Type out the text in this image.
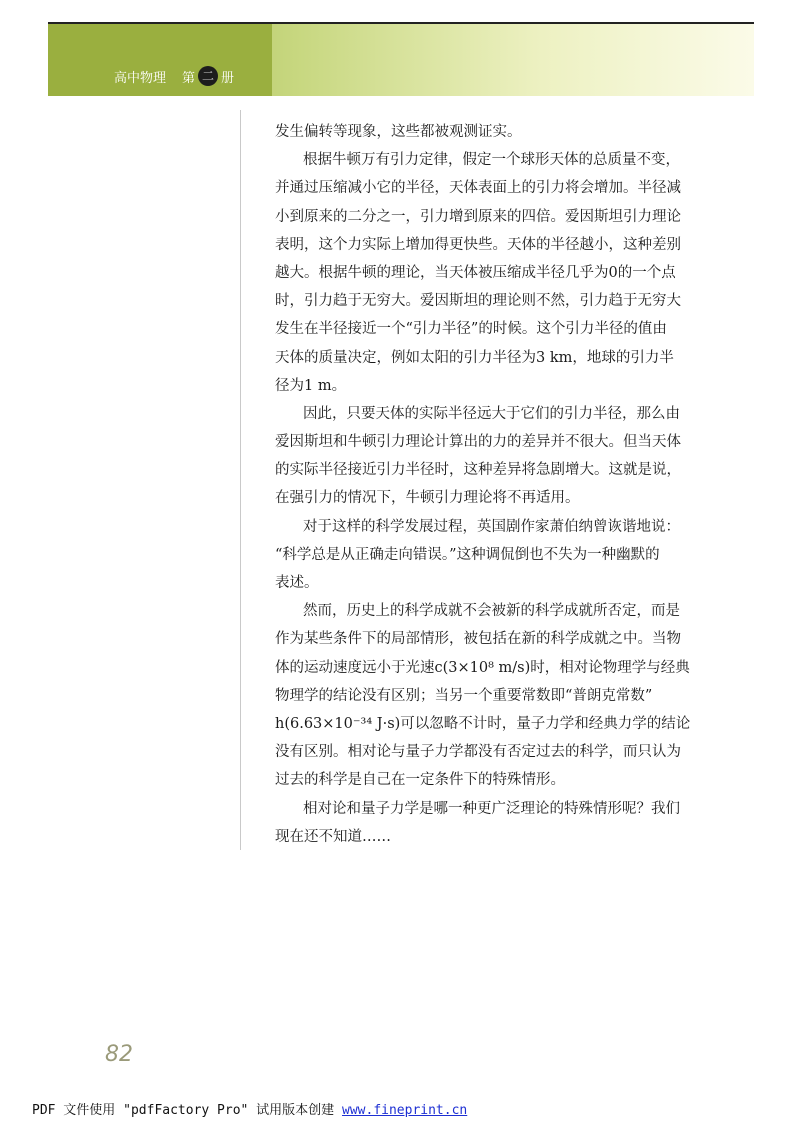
高中物理 第 二 册
发生偏转等现象，这些都被观测证实。
根据牛顿万有引力定律，假定一个球形天体的总质量不变，
并通过压缩减小它的半径，天体表面上的引力将会增加。半径减
小到原来的二分之一，引力增到原来的四倍。爱因斯坦引力理论
表明，这个力实际上增加得更快些。天体的半径越小，这种差别
越大。根据牛顿的理论，当天体被压缩成半径几乎为0的一个点
时，引力趋于无穷大。爱因斯坦的理论则不然，引力趋于无穷大
发生在半径接近一个“引力半径”的时候。这个引力半径的值由
天体的质量决定，例如太阳的引力半径为3 km，地球的引力半
径为1 m。
因此，只要天体的实际半径远大于它们的引力半径，那么由
爱因斯坦和牛顿引力理论计算出的力的差异并不很大。但当天体
的实际半径接近引力半径时，这种差异将急剧增大。这就是说，
在强引力的情况下，牛顿引力理论将不再适用。
对于这样的科学发展过程，英国剧作家萧伯纳曾诙谐地说：
“科学总是从正确走向错误。”这种调侃倒也不失为一种幽默的
表述。
然而，历史上的科学成就不会被新的科学成就所否定，而是
作为某些条件下的局部情形，被包括在新的科学成就之中。当物
体的运动速度远小于光速c(3×10⁸ m/s)时，相对论物理学与经典
物理学的结论没有区别；当另一个重要常数即“普朗克常数”
h(6.63×10⁻³⁴ J·s)可以忽略不计时，量子力学和经典力学的结论
没有区别。相对论与量子力学都没有否定过去的科学，而只认为
过去的科学是自己在一定条件下的特殊情形。
相对论和量子力学是哪一种更广泛理论的特殊情形呢？我们
现在还不知道……
82
PDF 文件使用 "pdfFactory Pro" 试用版本创建 www.fineprint.cn
